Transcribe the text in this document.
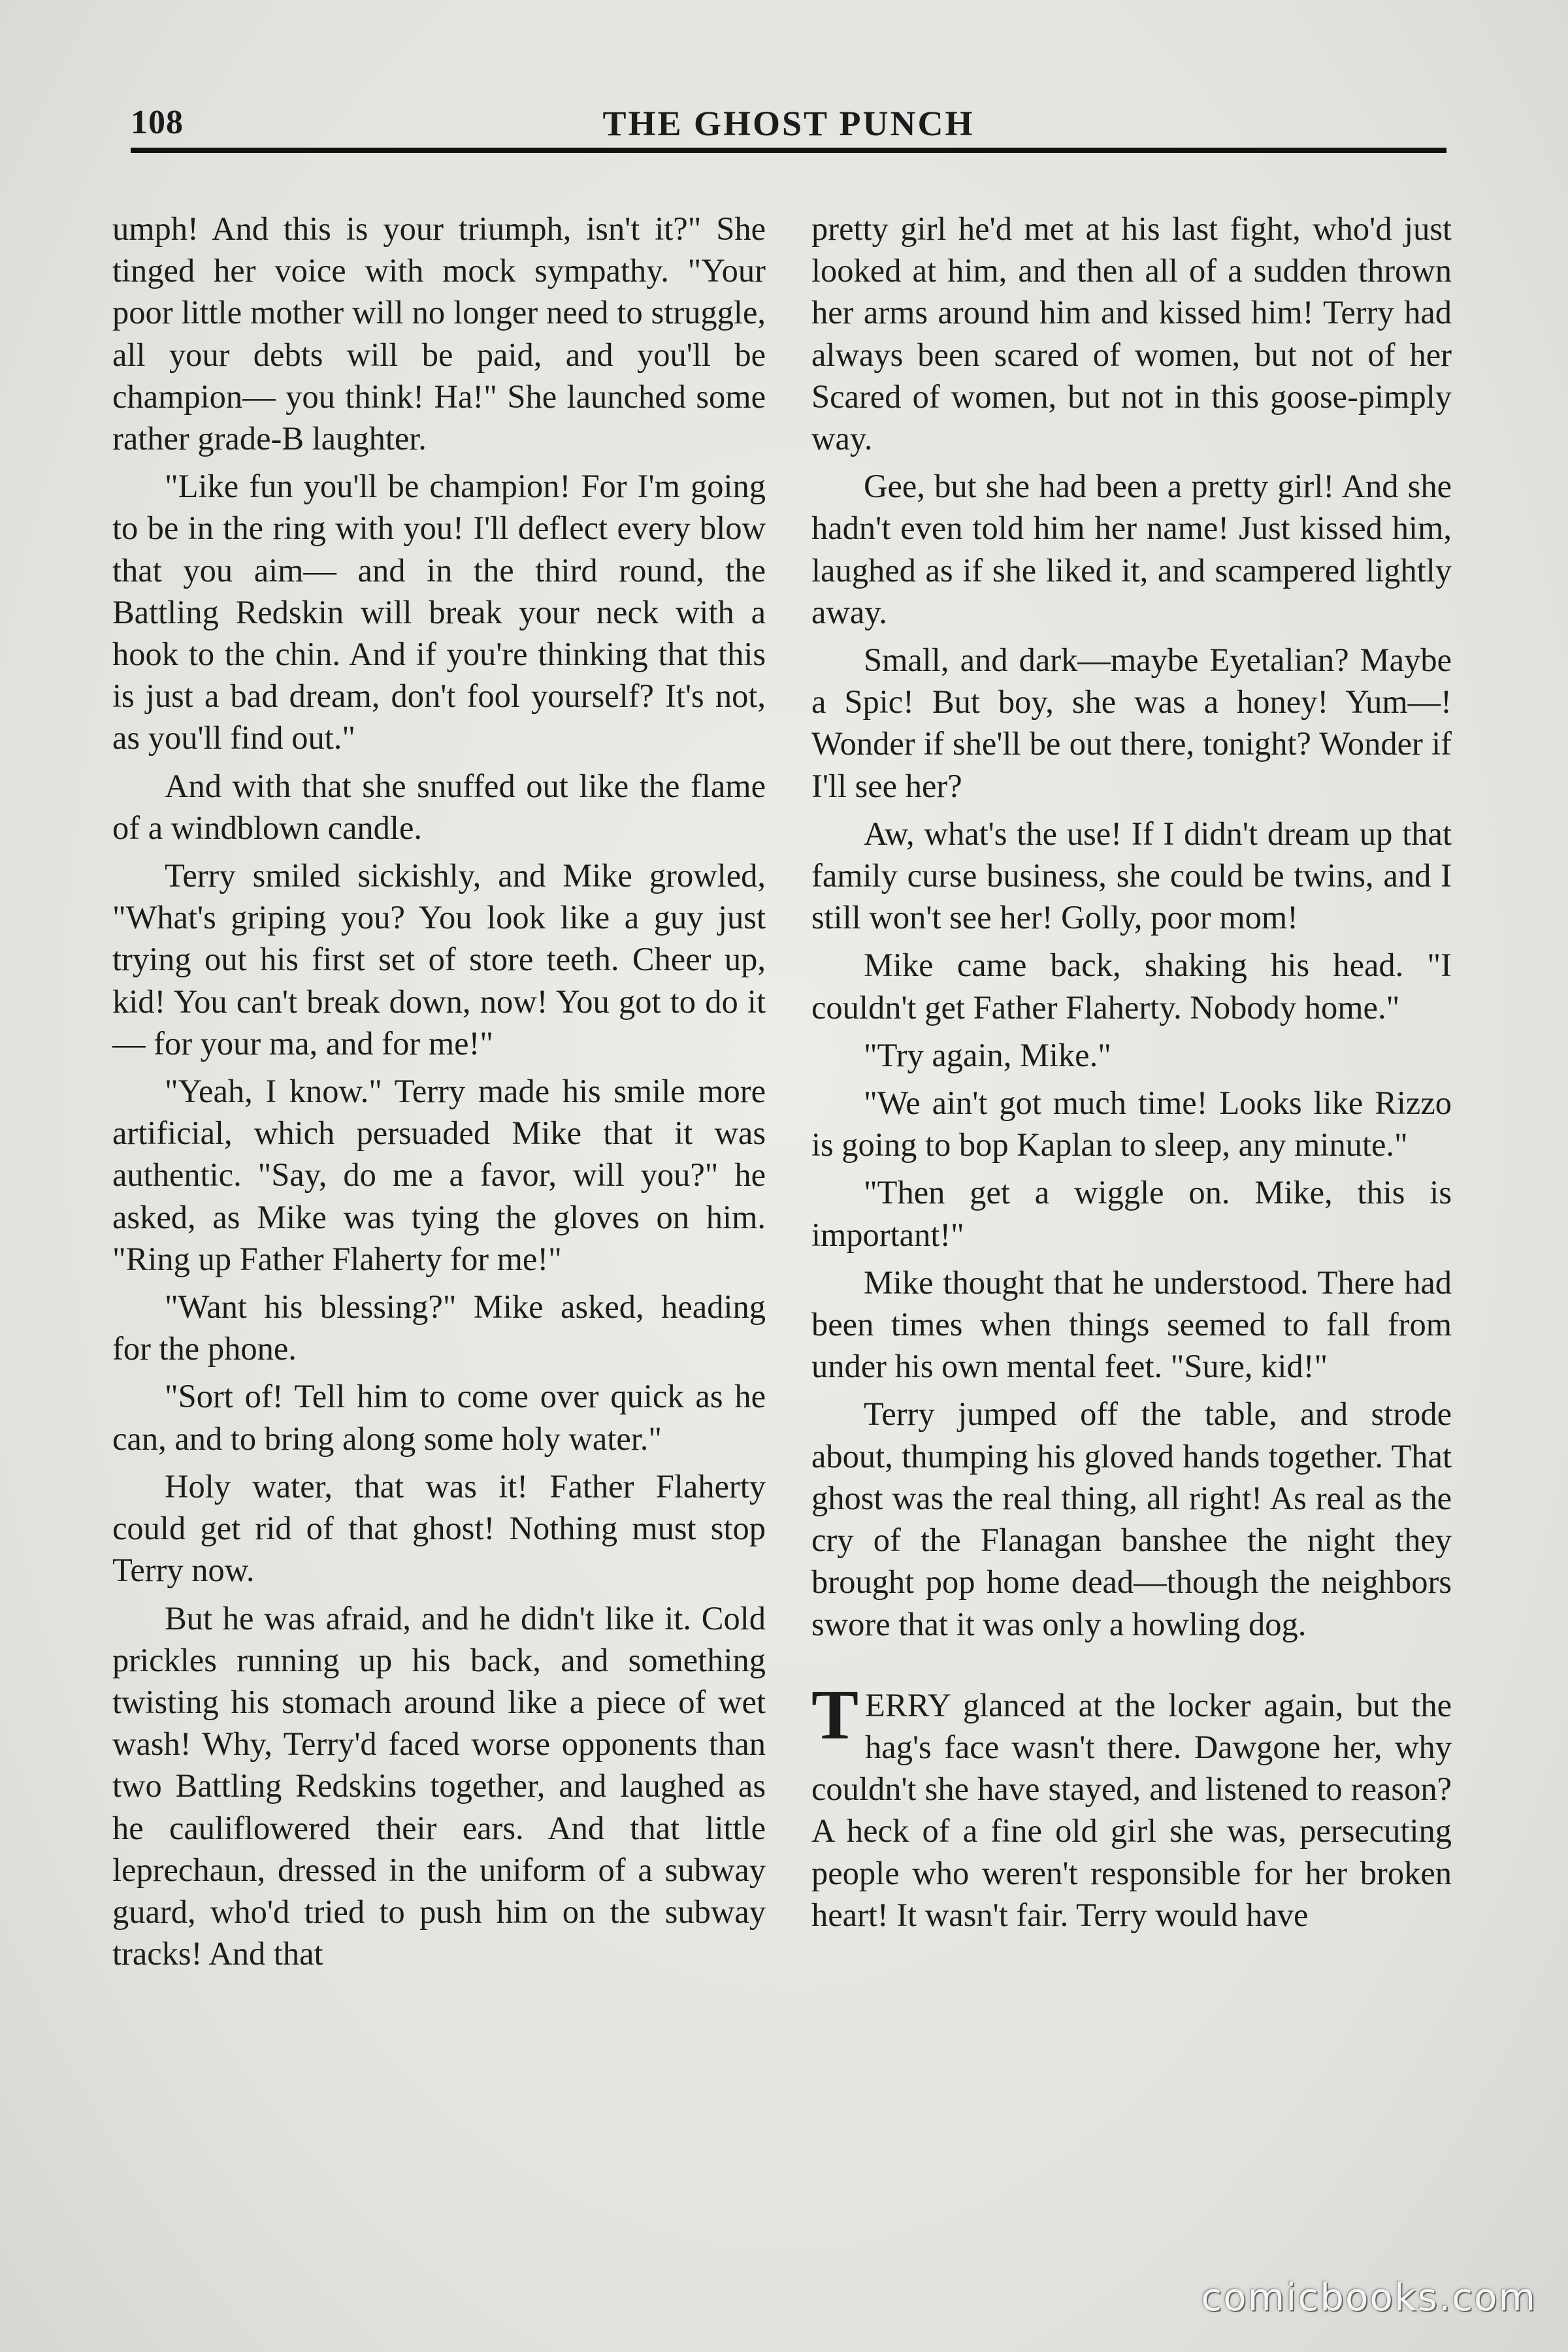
108	THE GHOST PUNCH

umph! And this is your triumph, isn't it?" She tinged her voice with mock sympathy. "Your poor little mother will no longer need to struggle, all your debts will be paid, and you'll be champion— you think! Ha!" She launched some rather grade-B laughter.

"Like fun you'll be champion! For I'm going to be in the ring with you! I'll deflect every blow that you aim— and in the third round, the Battling Redskin will break your neck with a hook to the chin. And if you're thinking that this is just a bad dream, don't fool yourself? It's not, as you'll find out."

And with that she snuffed out like the flame of a windblown candle.

Terry smiled sickishly, and Mike growled, "What's griping you? You look like a guy just trying out his first set of store teeth. Cheer up, kid! You can't break down, now! You got to do it— for your ma, and for me!"

"Yeah, I know." Terry made his smile more artificial, which persuaded Mike that it was authentic. "Say, do me a favor, will you?" he asked, as Mike was tying the gloves on him. "Ring up Father Flaherty for me!"

"Want his blessing?" Mike asked, heading for the phone.

"Sort of! Tell him to come over quick as he can, and to bring along some holy water."

Holy water, that was it! Father Flaherty could get rid of that ghost! Nothing must stop Terry now.

But he was afraid, and he didn't like it. Cold prickles running up his back, and something twisting his stomach around like a piece of wet wash! Why, Terry'd faced worse opponents than two Battling Redskins together, and laughed as he cauliflowered their ears. And that little leprechaun, dressed in the uniform of a subway guard, who'd tried to push him on the subway tracks! And that

pretty girl he'd met at his last fight, who'd just looked at him, and then all of a sudden thrown her arms around him and kissed him! Terry had always been scared of women, but not of her Scared of women, but not in this goose-pimply way.

Gee, but she had been a pretty girl! And she hadn't even told him her name! Just kissed him, laughed as if she liked it, and scampered lightly away.

Small, and dark—maybe Eyetalian? Maybe a Spic! But boy, she was a honey! Yum—! Wonder if she'll be out there, tonight? Wonder if I'll see her?

Aw, what's the use! If I didn't dream up that family curse business, she could be twins, and I still won't see her! Golly, poor mom!

Mike came back, shaking his head. "I couldn't get Father Flaherty. Nobody home."

"Try again, Mike."

"We ain't got much time! Looks like Rizzo is going to bop Kaplan to sleep, any minute."

"Then get a wiggle on. Mike, this is important!"

Mike thought that he understood. There had been times when things seemed to fall from under his own mental feet. "Sure, kid!"

Terry jumped off the table, and strode about, thumping his gloved hands together. That ghost was the real thing, all right! As real as the cry of the Flanagan banshee the night they brought pop home dead—though the neighbors swore that it was only a howling dog.

TERRY glanced at the locker again, but the hag's face wasn't there. Dawgone her, why couldn't she have stayed, and listened to reason? A heck of a fine old girl she was, persecuting people who weren't responsible for her broken heart! It wasn't fair. Terry would have

comicbooks.com
